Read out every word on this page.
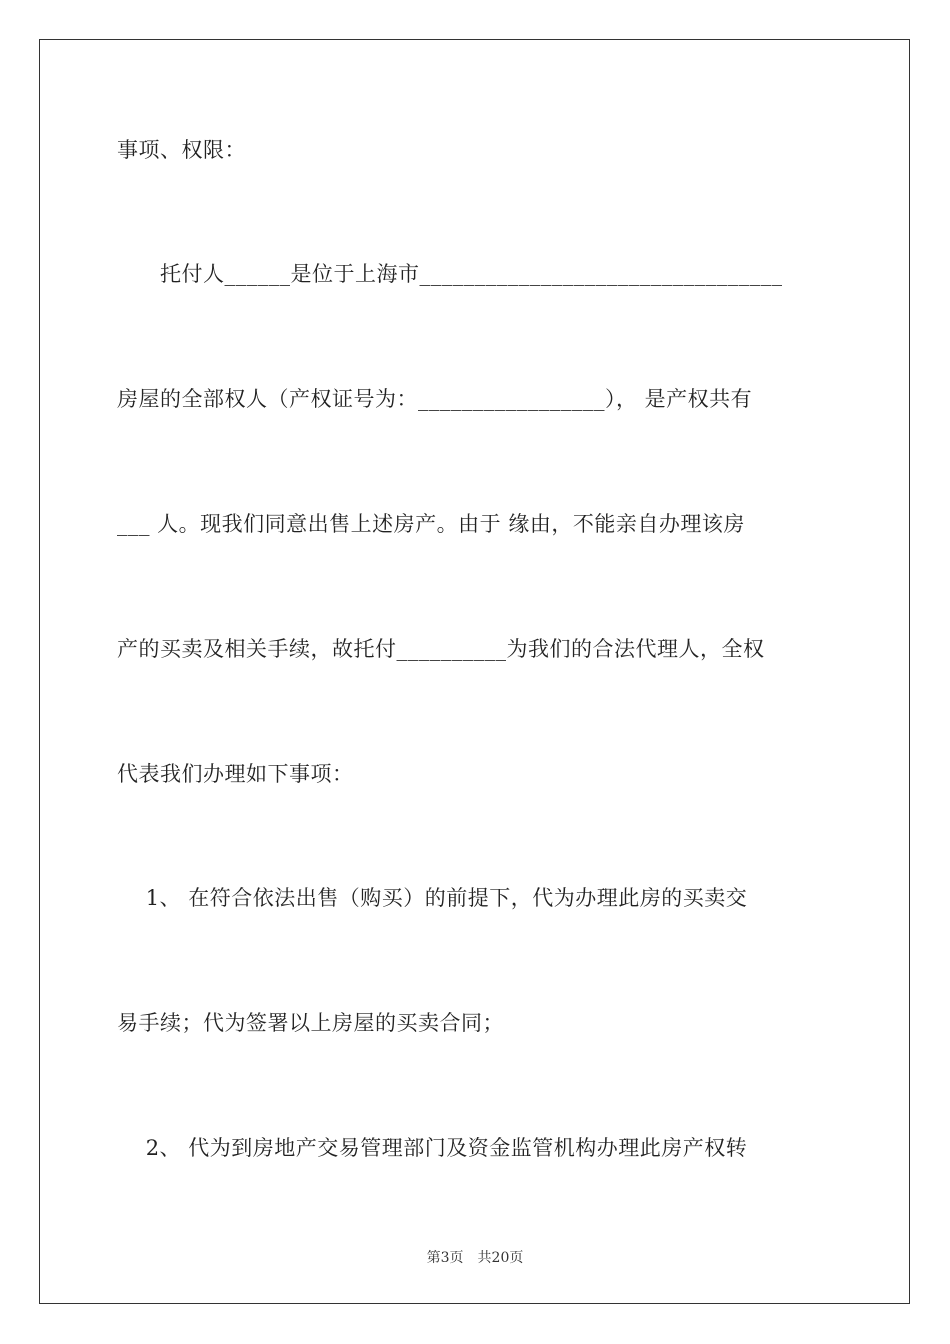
事项、权限：
托付人______是位于上海市_________________________________
房屋的全部权人（产权证号为：_________________）， 是产权共有
___ 人。现我们同意出售上述房产。由于 缘由，不能亲自办理该房
产的买卖及相关手续，故托付__________为我们的合法代理人，全权
代表我们办理如下事项：
1、 在符合依法出售（购买）的前提下，代为办理此房的买卖交
易手续；代为签署以上房屋的买卖合同；
2、 代为到房地产交易管理部门及资金监管机构办理此房产权转
第3页　共20页
